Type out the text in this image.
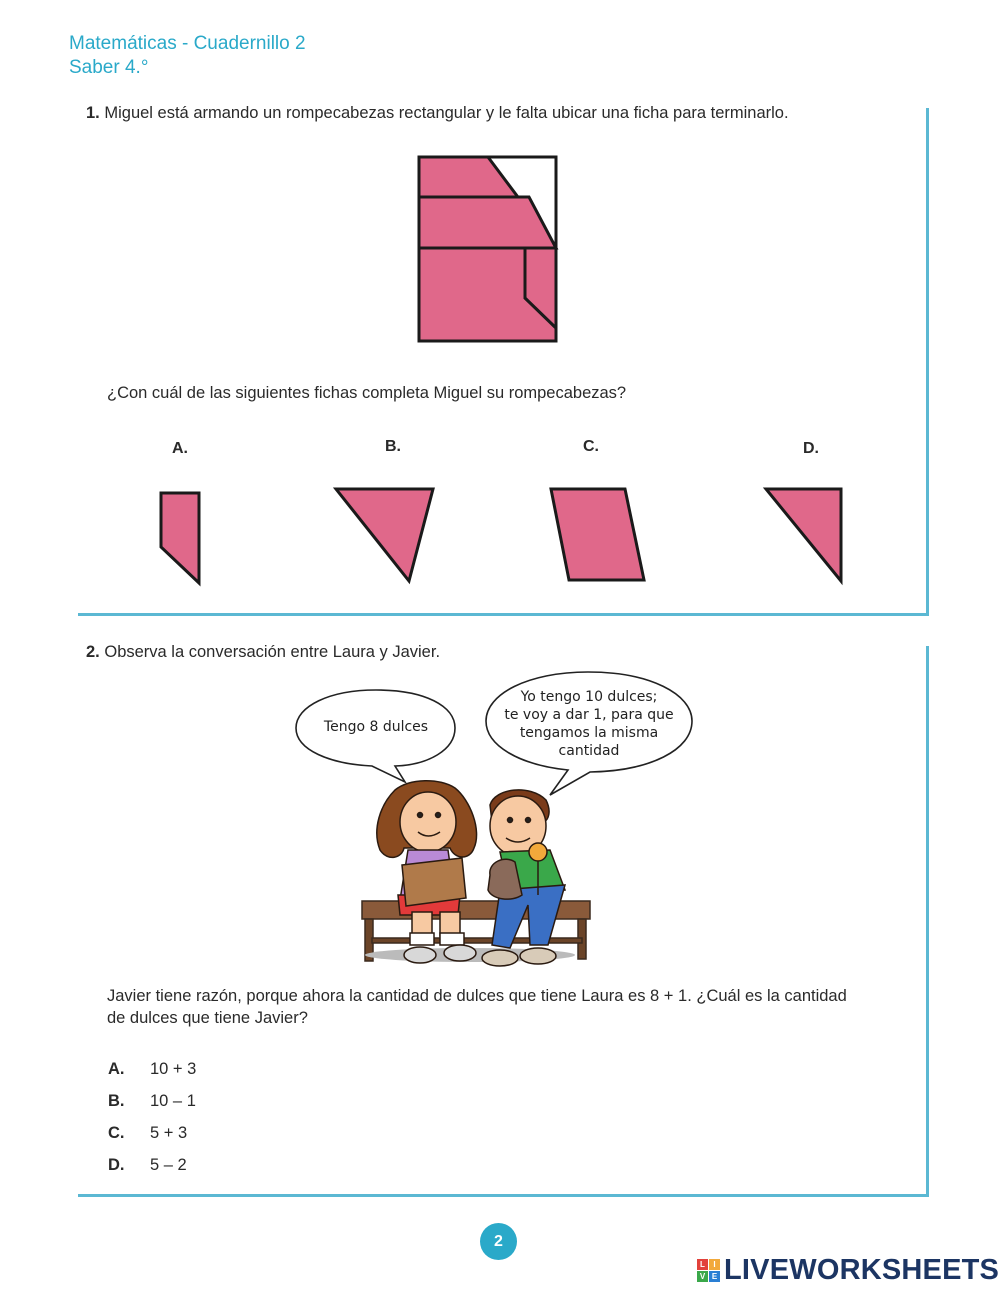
Matemáticas - Cuadernillo 2
Saber 4.°
1. Miguel está armando un rompecabezas rectangular y le falta ubicar una ficha para terminarlo.
¿Con cuál de las siguientes fichas completa Miguel su rompecabezas?
A.	B.	C.	D.
2. Observa la conversación entre Laura y Javier.
Tengo 8 dulces
Yo tengo 10 dulces;
te voy a dar 1, para que
tengamos la misma
cantidad
Javier tiene razón, porque ahora la cantidad de dulces que tiene Laura es 8 + 1. ¿Cuál es la cantidad
de dulces que tiene Javier?
A. 10 + 3
B. 10 – 1
C. 5 + 3
D. 5 – 2
2
L	I
V E LIVEWORKSHEETS
